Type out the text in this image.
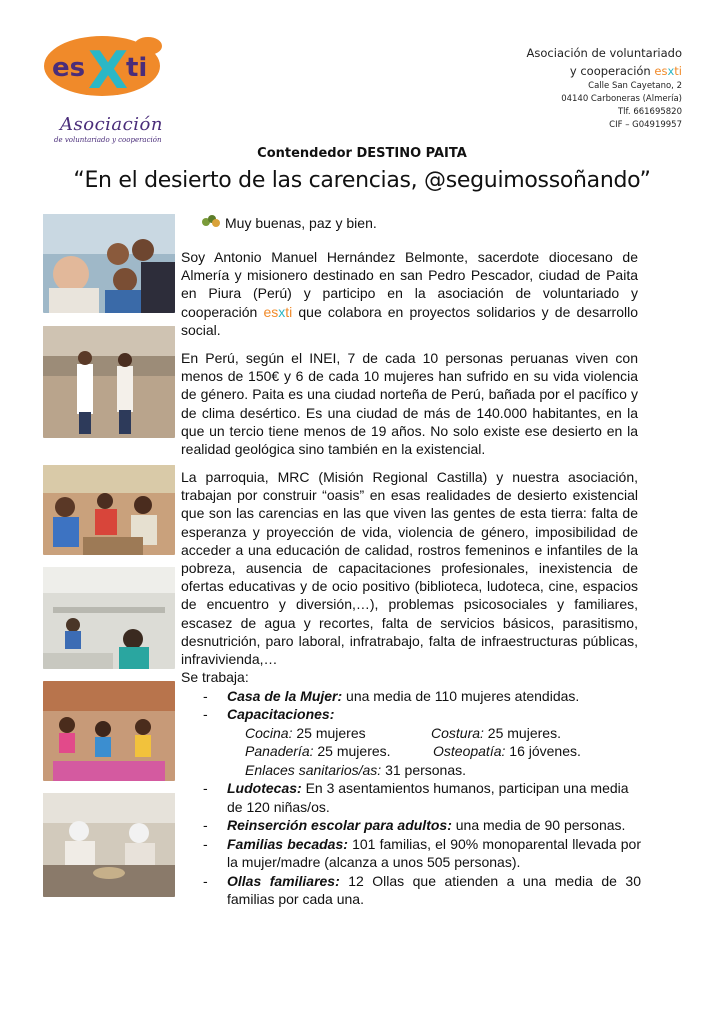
es X
ti
Asociación
de voluntariado y cooperación
Asociación de voluntariado
y cooperación esxti
Calle San Cayetano, 2
04140 Carboneras (Almería)
Tlf. 661695820
CIF – G04919957
Contendedor DESTINO PAITA
“En el desierto de las carencias, @seguimossoñando”
Muy buenas, paz y bien.
Soy Antonio Manuel Hernández Belmonte, sacerdote diocesano de Almería y misionero destinado en san Pedro Pescador, ciudad de Paita en Piura (Perú) y participo en la asociación de voluntariado y cooperación esxti que colabora en proyectos solidarios y de desarrollo social.
En Perú, según el INEI, 7 de cada 10 personas peruanas viven con menos de 150€ y 6 de cada 10 mujeres han sufrido en su vida violencia de género. Paita es una ciudad norteña de Perú, bañada por el pacífico y de clima desértico. Es una ciudad de más de 140.000 habitantes, en la que un tercio tiene menos de 19 años. No solo existe ese desierto en la realidad geológica sino también en la existencial.
La parroquia, MRC (Misión Regional Castilla) y nuestra asociación, trabajan por construir “oasis” en esas realidades de desierto existencial que son las carencias en las que viven las gentes de esta tierra: falta de esperanza y proyección de vida, violencia de género, imposibilidad de acceder a una educación de calidad, rostros femeninos e infantiles de la pobreza, ausencia de capacitaciones profesionales, inexistencia de ofertas educativas y de ocio positivo (biblioteca, ludoteca, cine, espacios de encuentro y diversión,…), problemas psicosociales y familiares, escasez de agua y recortes, falta de servicios básicos, parasitismo, desnutrición, paro laboral, infratrabajo, falta de infraestructuras públicas, infravivienda,…
Se trabaja:
-	Casa de la Mujer: una media de 110 mujeres atendidas.
-	Capacitaciones:
Cocina: 25 mujeres	Costura: 25 mujeres.
Panadería: 25 mujeres.	Osteopatía: 16 jóvenes.
Enlaces sanitarios/as: 31 personas.
-	Ludotecas: En 3 asentamientos humanos, participan una media de 120 niñas/os.
-	Reinserción escolar para adultos: una media de 90 personas.
-	Familias becadas: 101 familias, el 90% monoparental llevada por la mujer/madre (alcanza a unos 505 personas).
-	Ollas familiares: 12 Ollas que atienden a una media de 30 familias por cada una.
